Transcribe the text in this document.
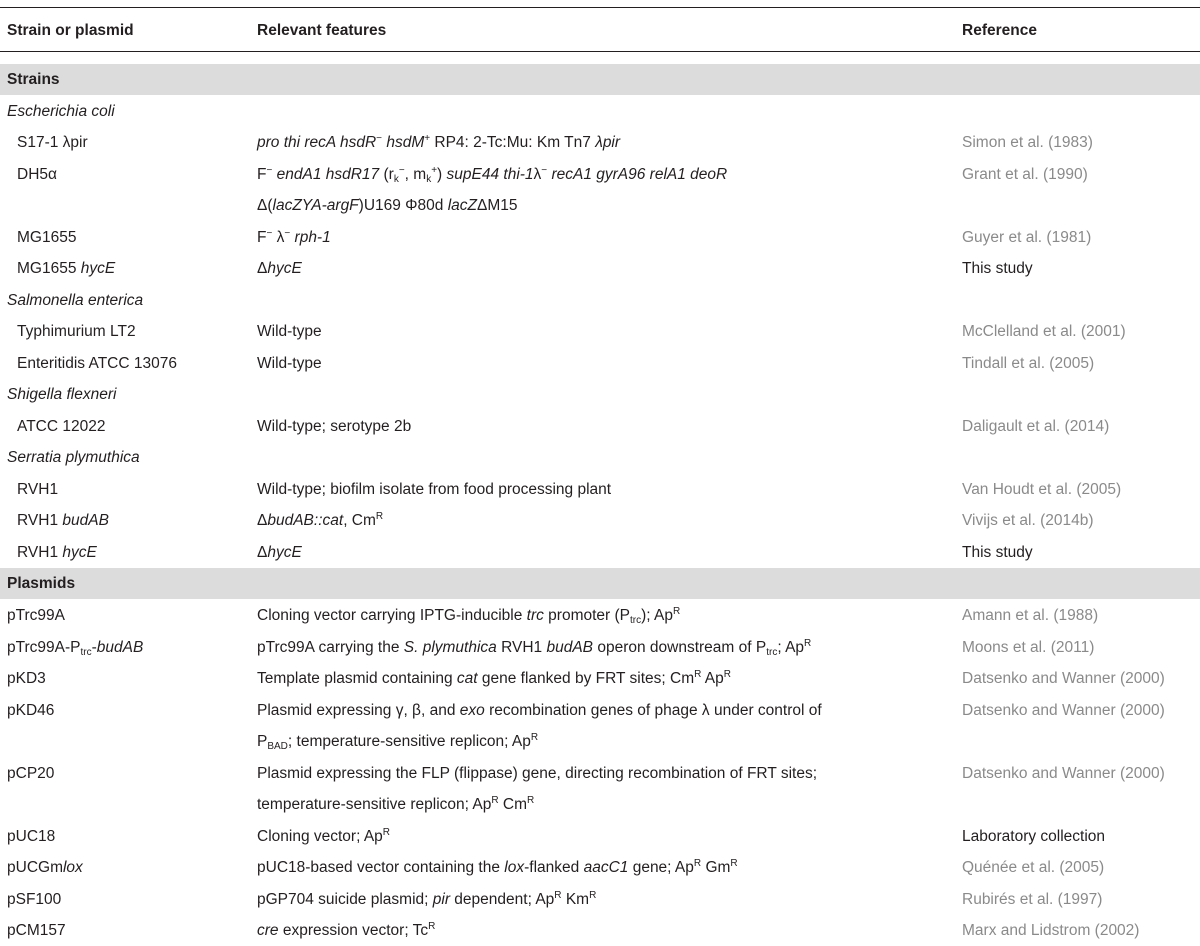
Strain or plasmid	Relevant features	Reference
Strains
Escherichia coli
S17-1 λpir	pro thi recA hsdR− hsdM+ RP4: 2-Tc:Mu: Km Tn7 λpir	Simon et al. (1983)
DH5α	F− endA1 hsdR17 ($r_k^-$, $m_k^+$) supE44 thi-1λ− recA1 gyrA96 relA1 deoR	Grant et al. (1990)
Δ(lacZYA-argF)U169 Φ80d lacZΔM15
MG1655	F− λ− rph-1	Guyer et al. (1981)
MG1655 hycE	ΔhycE	This study
Salmonella enterica
Typhimurium LT2	Wild-type	McClelland et al. (2001)
Enteritidis ATCC 13076	Wild-type	Tindall et al. (2005)
Shigella flexneri
ATCC 12022	Wild-type; serotype 2b	Daligault et al. (2014)
Serratia plymuthica
RVH1	Wild-type; biofilm isolate from food processing plant	Van Houdt et al. (2005)
RVH1 budAB	ΔbudAB::cat, $Cm^R$	Vivijs et al. (2014b)
RVH1 hycE	ΔhycE	This study
Plasmids
pTrc99A	Cloning vector carrying IPTG-inducible trc promoter $(P_{trc})$; $Ap^R$	Amann et al. (1988)
$pTrc99A-P_{trc}$-budAB	pTrc99A carrying the S. plymuthica RVH1 budAB operon downstream of $P_{trc}$; $Ap^R$	Moons et al. (2011)
pKD3	Template plasmid containing cat gene flanked by FRT sites; $Cm^R$ $Ap^R$	Datsenko and Wanner (2000)
pKD46	Plasmid expressing γ, β, and exo recombination genes of phage λ under control of	Datsenko and Wanner (2000)
$P_{BAD}$; temperature-sensitive replicon; $Ap^R$
pCP20	Plasmid expressing the FLP (flippase) gene, directing recombination of FRT sites;	Datsenko and Wanner (2000)
temperature-sensitive replicon; $Ap^R$ $Cm^R$
pUC18	Cloning vector; $Ap^R$	Laboratory collection
pUCGmlox	pUC18-based vector containing the lox-flanked aacC1 gene; $Ap^R$ $Gm^R$	Quénée et al. (2005)
pSF100	pGP704 suicide plasmid; pir dependent; $Ap^R$ $Km^R$	Rubirés et al. (1997)
pCM157	cre expression vector; $Tc^R$	Marx and Lidstrom (2002)
